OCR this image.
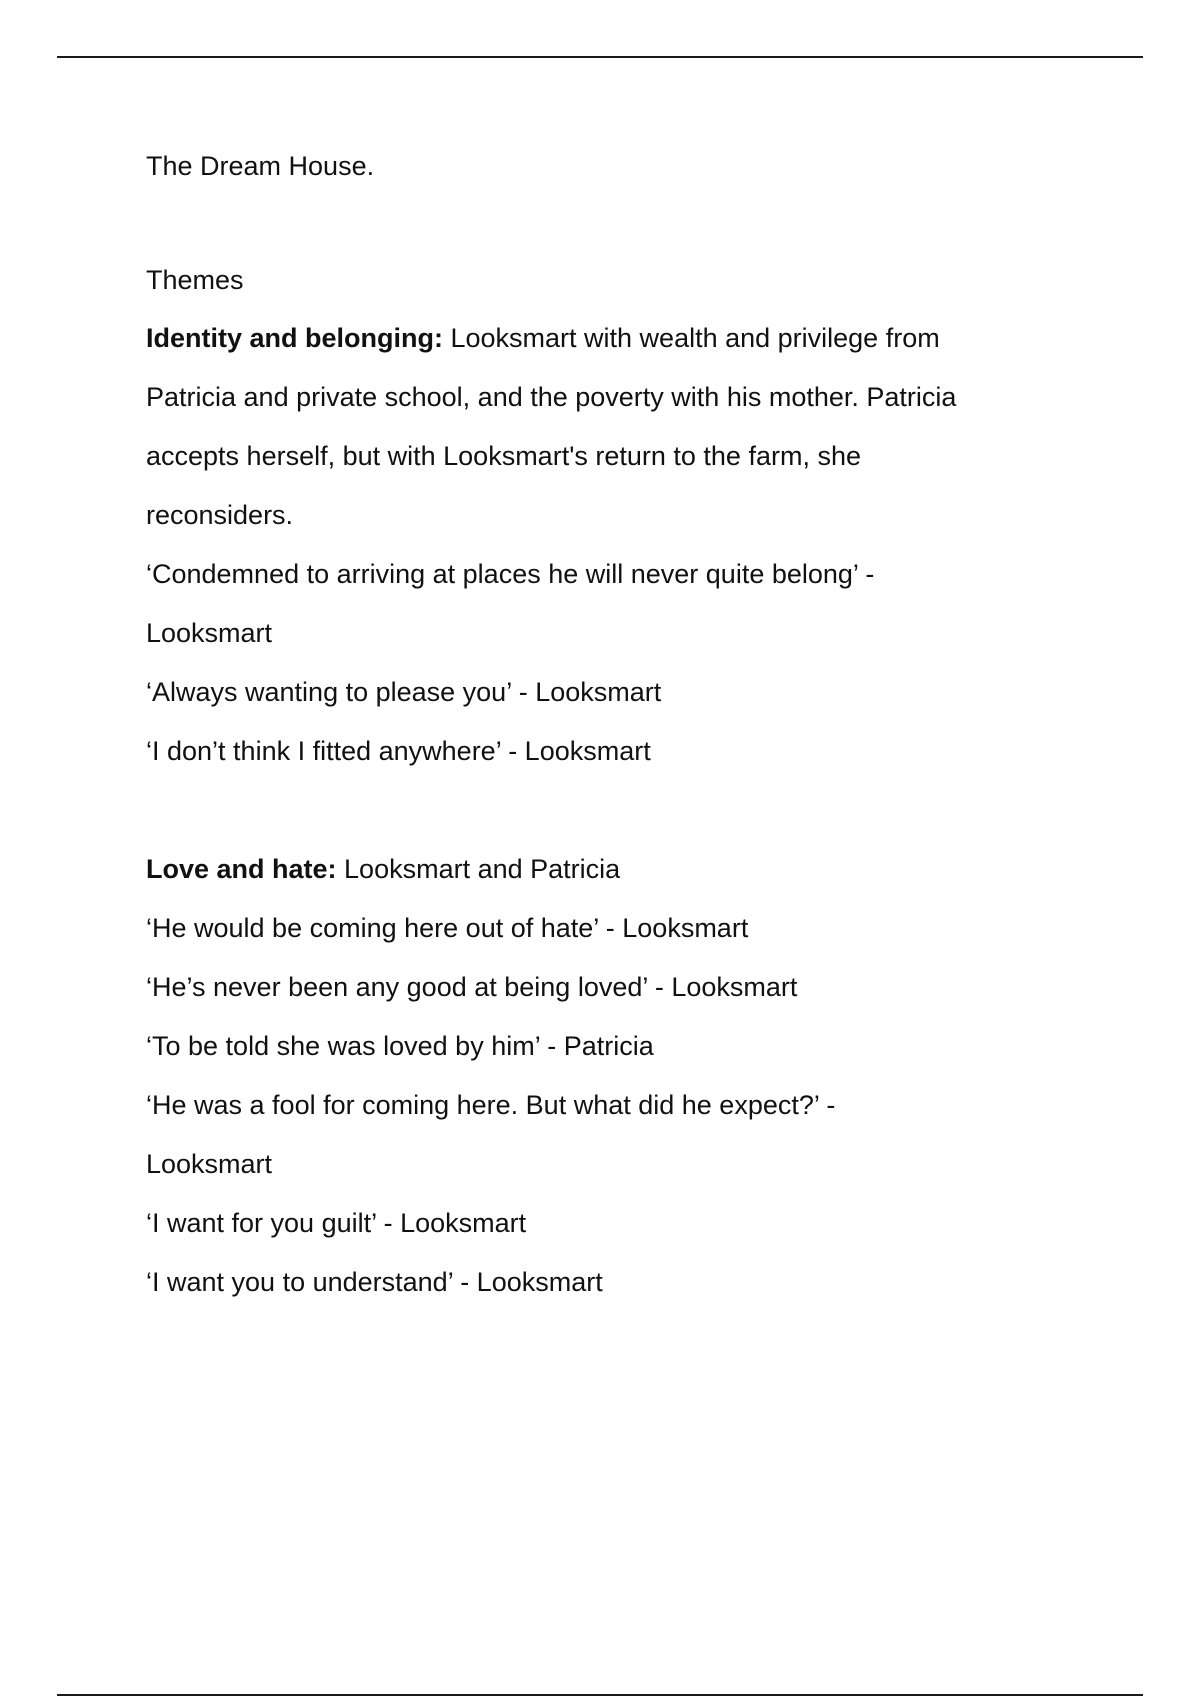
The Dream House.
Themes

Identity and belonging: Looksmart with wealth and privilege from

Patricia and private school, and the poverty with his mother. Patricia

accepts herself, but with Looksmart's return to the farm, she

reconsiders.

‘Condemned to arriving at places he will never quite belong’ -

Looksmart

‘Always wanting to please you’ - Looksmart

‘I don’t think I fitted anywhere’ - Looksmart

Love and hate: Looksmart and Patricia

‘He would be coming here out of hate’ - Looksmart

‘He’s never been any good at being loved’ - Looksmart

‘To be told she was loved by him’ - Patricia

‘He was a fool for coming here. But what did he expect?’ -

Looksmart

‘I want for you guilt’ - Looksmart

‘I want you to understand’ - Looksmart
